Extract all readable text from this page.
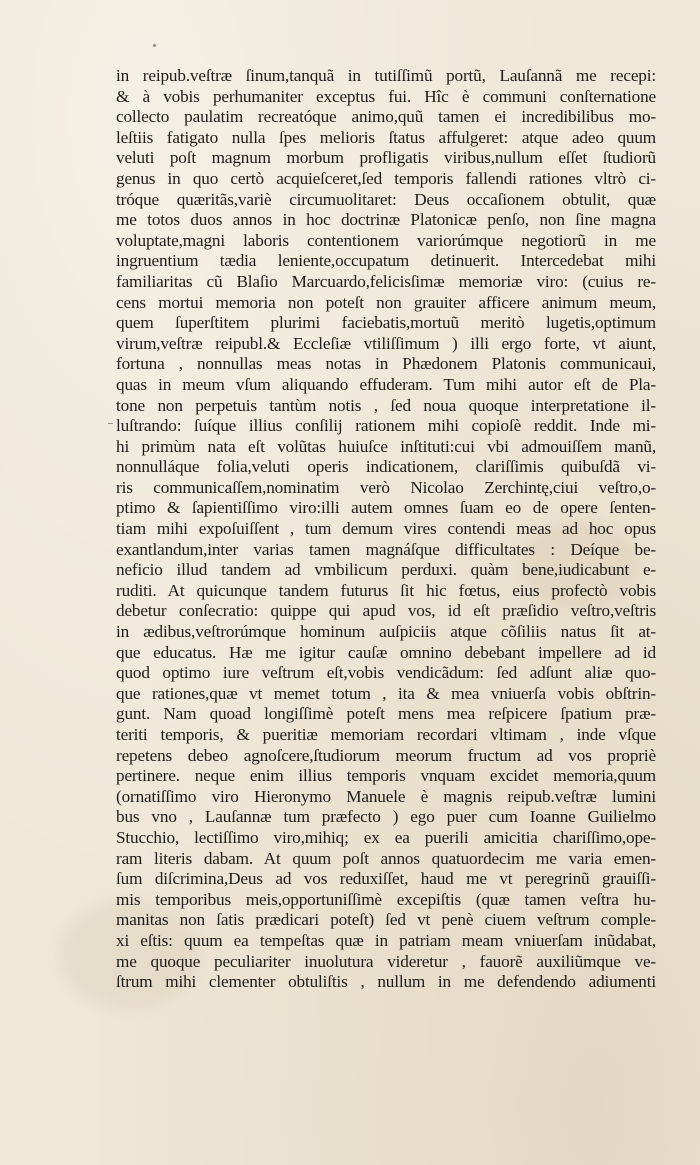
in reipub.veſtræ ſinum,tanquã in tutiſſimũ portũ, Lauſannã me recepi:
& à vobis perhumaniter exceptus fui. Hîc è communi conſternatione
collecto paulatim recreatóque animo,quũ tamen ei incredibilibus mo-
leſtiis fatigato nulla ſpes melioris ſtatus affulgeret: atque adeo quum
veluti poſt magnum morbum profligatis viribus,nullum eſſet ſtudiorũ
genus in quo certò acquieſceret,ſed temporis fallendi rationes vltrò ci-
tróque quæritãs,variè circumuolitaret: Deus occaſionem obtulit, quæ
me totos duos annos in hoc doctrinæ Platonicæ penſo, non ſine magna
voluptate,magni laboris contentionem variorúmque negotiorũ in me
ingruentium tædia leniente,occupatum detinuerit. Intercedebat mihi
familiaritas cũ Blaſio Marcuardo,felicisſimæ memoriæ viro: (cuius re-
cens mortui memoria non poteſt non grauiter afficere animum meum,
quem ſuperſtitem plurimi faciebatis,mortuũ meritò lugetis,optimum
virum,veſtræ reipubl.& Eccleſiæ vtiliſſimum ) illi ergo forte, vt aiunt,
fortuna , nonnullas meas notas in Phædonem Platonis communicaui,
quas in meum vſum aliquando effuderam. Tum mihi autor eſt de Pla-
tone non perpetuis tantùm notis , ſed noua quoque interpretatione il-
luſtrando: ſuíque illius conſilij rationem mihi copioſè reddit. Inde mi-
hi primùm nata eſt volũtas huiuſce inſtituti:cui vbi admouiſſem manũ,
nonnulláque folia,veluti operis indicationem, clariſſimis quibuſdã vi-
ris communicaſſem,nominatim verò Nicolao Zerchintę,ciui veſtro,o-
ptimo & ſapientiſſimo viro:illi autem omnes ſuam eo de opere ſenten-
tiam mihi expoſuiſſent , tum demum vires contendi meas ad hoc opus
exantlandum,inter varias tamen magnáſque difficultates : Deíque be-
neficio illud tandem ad vmbilicum perduxi. quàm bene,iudicabunt e-
ruditi. At quicunque tandem futurus ſit hic fœtus, eius profectò vobis
debetur conſecratio: quippe qui apud vos, id eſt præſidio veſtro,veſtris
in ædibus,veſtrorúmque hominum auſpiciis atque cõſiliis natus ſit at-
que educatus. Hæ me igitur cauſæ omnino debebant impellere ad id
quod optimo iure veſtrum eſt,vobis vendicãdum: ſed adſunt aliæ quo-
que rationes,quæ vt memet totum , ita & mea vniuerſa vobis obſtrin-
gunt. Nam quoad longiſſimè poteſt mens mea reſpicere ſpatium præ-
teriti temporis, & pueritiæ memoriam recordari vltimam , inde vſque
repetens debeo agnoſcere,ſtudiorum meorum fructum ad vos propriè
pertinere. neque enim illius temporis vnquam excidet memoria,quum
(ornatiſſimo viro Hieronymo Manuele è magnis reipub.veſtræ lumini
bus vno , Lauſannæ tum præfecto ) ego puer cum Ioanne Guilielmo
Stucchio, lectiſſimo viro,mihiq; ex ea puerili amicitia chariſſimo,ope-
ram literis dabam. At quum poſt annos quatuordecim me varia emen-
ſum diſcrimina,Deus ad vos reduxiſſet, haud me vt peregrinũ grauiſſi-
mis temporibus meis,opportuniſſimè excepiſtis (quæ tamen veſtra hu-
manitas non ſatis prædicari poteſt) ſed vt penè ciuem veſtrum comple-
xi eſtis: quum ea tempeſtas quæ in patriam meam vniuerſam inũdabat,
me quoque peculiariter inuolutura videretur , fauorẽ auxiliũmque ve-
ſtrum mihi clementer obtuliſtis , nullum in me defendendo adiumenti
